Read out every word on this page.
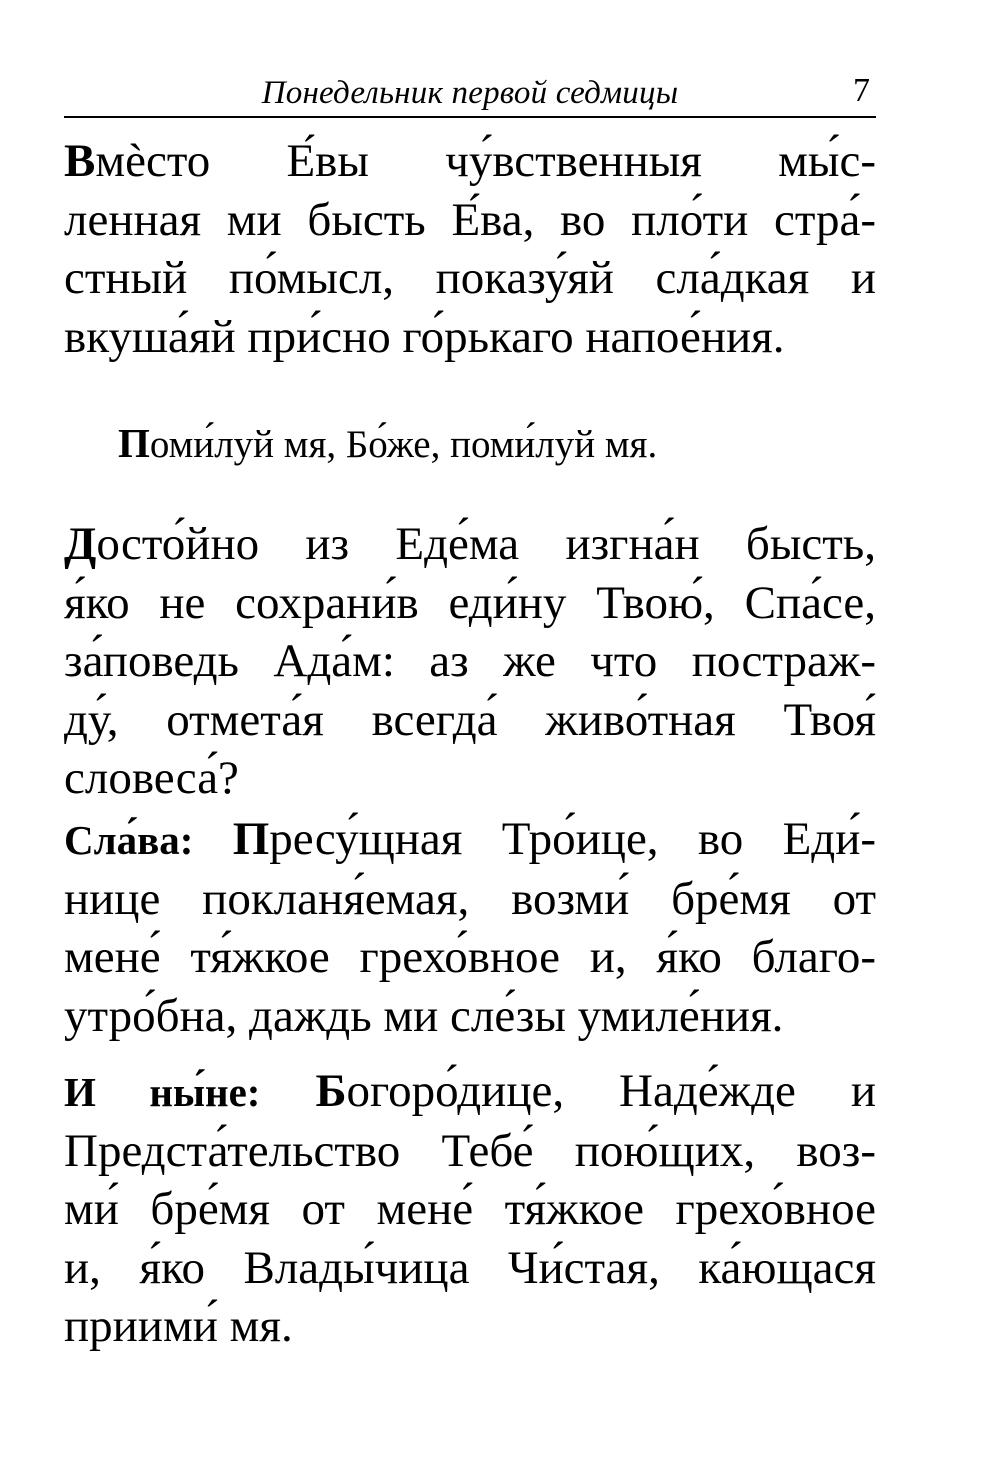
Понедельник первой седмицы	7
Вмѐсто Е́вы чу́вственныя мы́с-
ленная ми бысть Е́ва, во пло́ти стра́-
стный по́мысл, показу́яй сла́дкая и
вкуша́яй при́сно го́рькаго напое́ния.

Поми́луй мя, Бо́же, поми́луй мя.

Досто́йно из Еде́ма изгна́н бысть,
я́ко не сохрани́в еди́ну Твою́, Спа́се,
за́поведь Ада́м: аз же что постраж-
ду́, отмета́я всегда́ живо́тная Твоя́
словеса́?
Сла́ва: Пресу́щная Тро́ице, во Еди́-
нице покланя́емая, возми́ бре́мя от
мене́ тя́жкое грехо́вное и, я́ко благо-
утро́бна, даждь ми сле́зы умиле́ния.
И ны́не: Богоро́дице, Наде́жде и
Предста́тельство Тебе́ пою́щих, воз-
ми́ бре́мя от мене́ тя́жкое грехо́вное
и, я́ко Влады́чица Чи́стая, ка́ющася
приими́ мя.
